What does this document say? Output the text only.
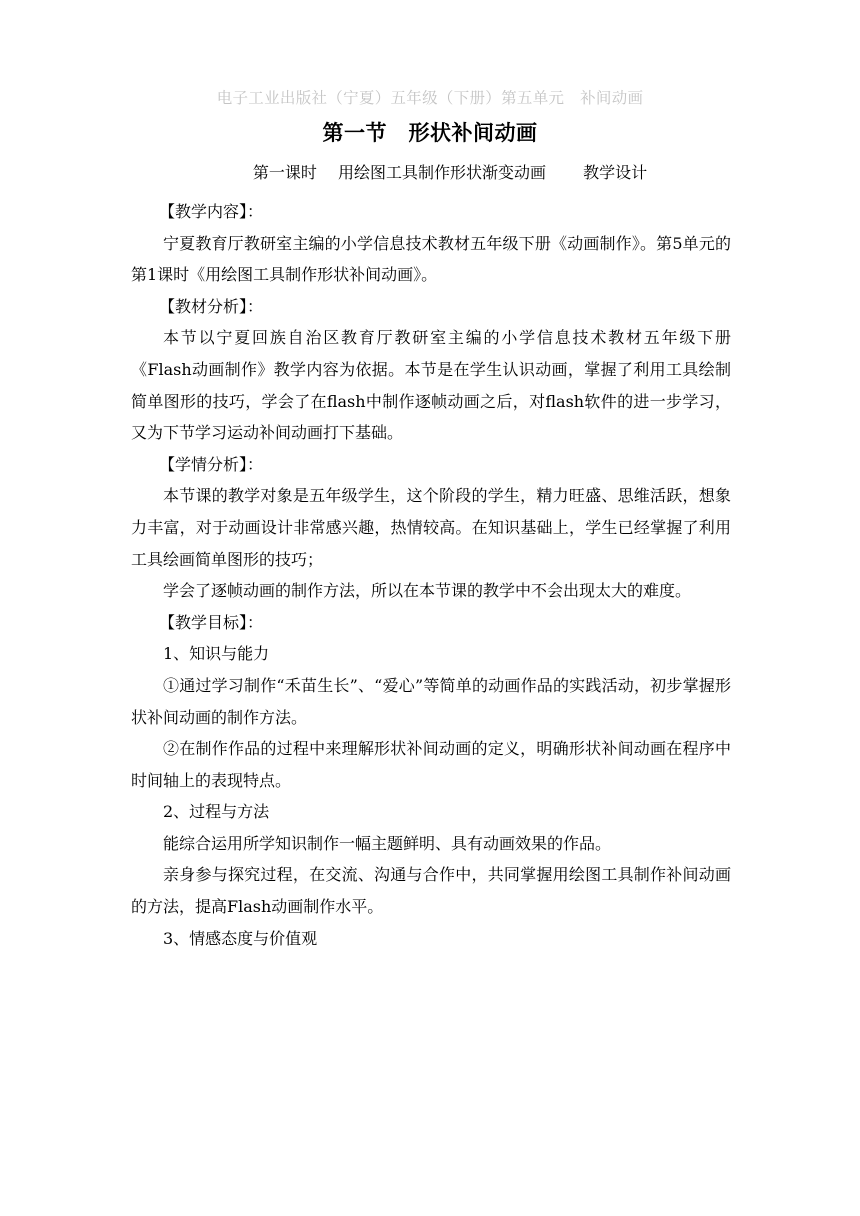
电子工业出版社（宁夏）五年级（下册）第五单元　补间动画
第一节　形状补间动画
第一课时　 用绘图工具制作形状渐变动画　　 教学设计

【教学内容】：

宁夏教育厅教研室主编的小学信息技术教材五年级下册《动画制作》。第5单元的第1课时《用绘图工具制作形状补间动画》。

【教材分析】：

本节以宁夏回族自治区教育厅教研室主编的小学信息技术教材五年级下册《Flash动画制作》教学内容为依据。本节是在学生认识动画，掌握了利用工具绘制简单图形的技巧，学会了在flash中制作逐帧动画之后，对flash软件的进一步学习，又为下节学习运动补间动画打下基础。

【学情分析】：

本节课的教学对象是五年级学生，这个阶段的学生，精力旺盛、思维活跃，想象力丰富，对于动画设计非常感兴趣，热情较高。在知识基础上，学生已经掌握了利用工具绘画简单图形的技巧；

学会了逐帧动画的制作方法，所以在本节课的教学中不会出现太大的难度。

【教学目标】：

1、知识与能力

①通过学习制作“禾苗生长”、“爱心”等简单的动画作品的实践活动，初步掌握形状补间动画的制作方法。

②在制作作品的过程中来理解形状补间动画的定义，明确形状补间动画在程序中时间轴上的表现特点。

2、过程与方法

能综合运用所学知识制作一幅主题鲜明、具有动画效果的作品。

亲身参与探究过程，在交流、沟通与合作中，共同掌握用绘图工具制作补间动画的方法，提高Flash动画制作水平。

3、情感态度与价值观
